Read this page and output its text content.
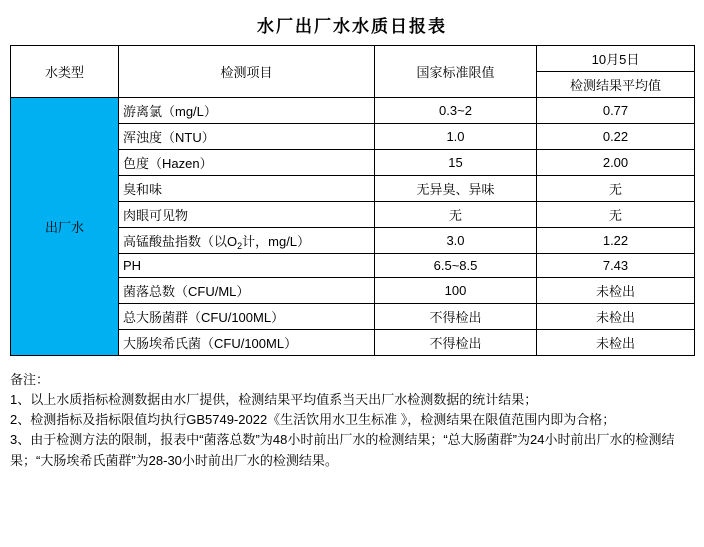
水厂出厂水水质日报表
水类型	检测项目	国家标准限值	10月5日
			检测结果平均值
出厂水	游离氯（mg/L）	0.3~2	0.77
	浑浊度（NTU）	1.0	0.22
	色度（Hazen）	15	2.00
	臭和味	无异臭、异味	无
	肉眼可见物	无	无
	高锰酸盐指数（以$O_2$计，mg/L）	3.0	1.22
	PH	6.5~8.5	7.43
	菌落总数（CFU/ML）	100	未检出
	总大肠菌群（CFU/100ML）	不得检出	未检出
	大肠埃希氏菌（CFU/100ML）	不得检出	未检出

备注：

1、以上水质指标检测数据由水厂提供，检测结果平均值系当天出厂水检测数据的统计结果；

2、检测指标及指标限值均执行GB5749-2022《生活饮用水卫生标准 》，检测结果在限值范围内即为合格；

3、由于检测方法的限制，报表中“菌落总数”为48小时前出厂水的检测结果；“总大肠菌群”为24小时前出厂水的检测结果；“大肠埃希氏菌群”为28-30小时前出厂水的检测结果。
